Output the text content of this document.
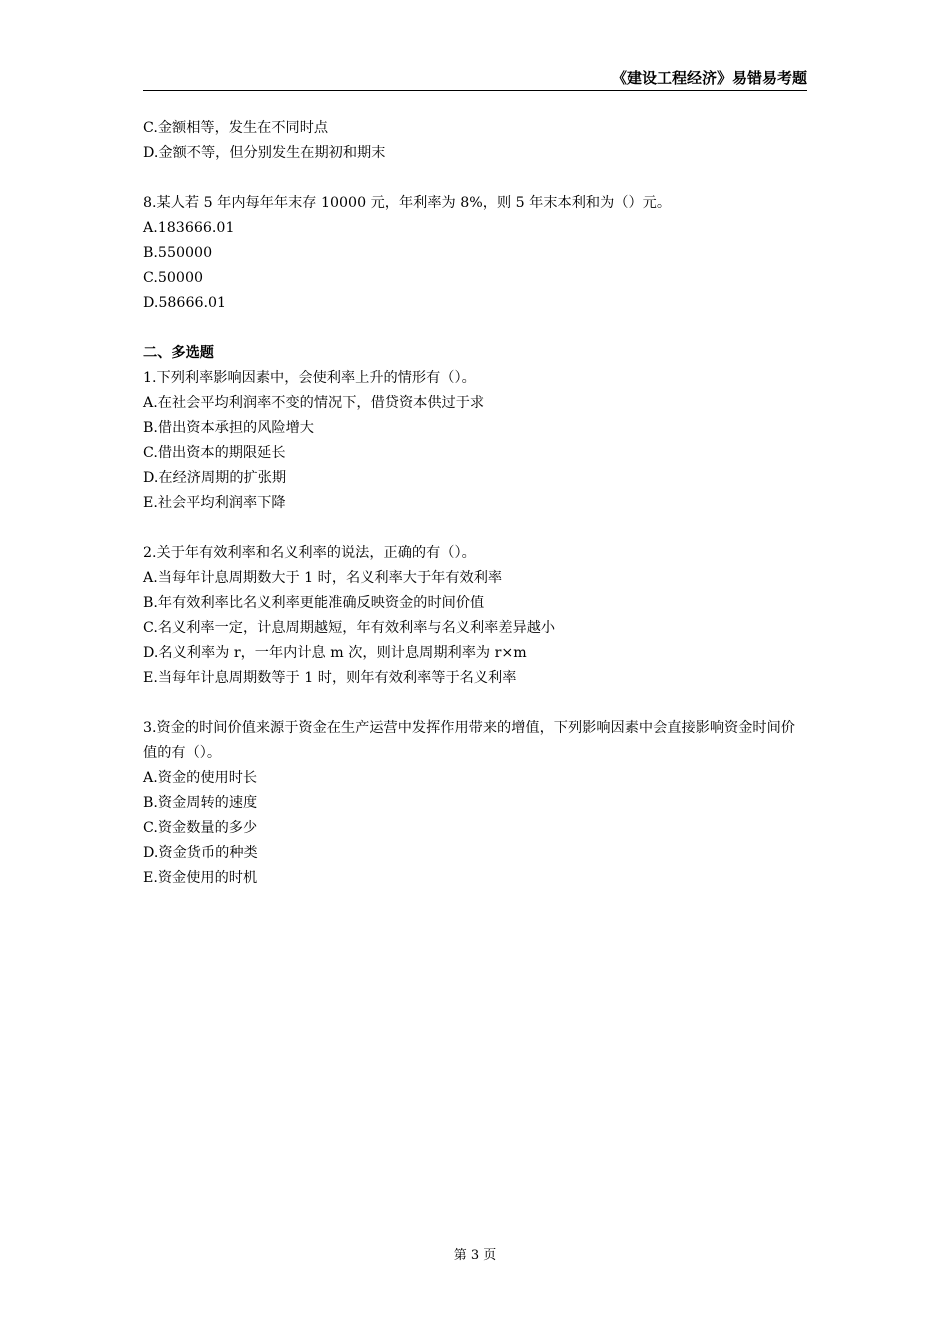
《建设工程经济》易错易考题
C.金额相等，发生在不同时点
D.金额不等，但分别发生在期初和期末
8.某人若 5 年内每年年末存 10000 元，年利率为 8%，则 5 年末本利和为（）元。
A.183666.01
B.550000
C.50000
D.58666.01
二、多选题
1.下列利率影响因素中，会使利率上升的情形有（）。
A.在社会平均利润率不变的情况下，借贷资本供过于求
B.借出资本承担的风险增大
C.借出资本的期限延长
D.在经济周期的扩张期
E.社会平均利润率下降
2.关于年有效利率和名义利率的说法，正确的有（）。
A.当每年计息周期数大于 1 时，名义利率大于年有效利率
B.年有效利率比名义利率更能准确反映资金的时间价值
C.名义利率一定，计息周期越短，年有效利率与名义利率差异越小
D.名义利率为 r，一年内计息 m 次，则计息周期利率为 r×m
E.当每年计息周期数等于 1 时，则年有效利率等于名义利率
3.资金的时间价值来源于资金在生产运营中发挥作用带来的增值，下列影响因素中会直接影响资金时间价值的有（）。
A.资金的使用时长
B.资金周转的速度
C.资金数量的多少
D.资金货币的种类
E.资金使用的时机
第 3 页
